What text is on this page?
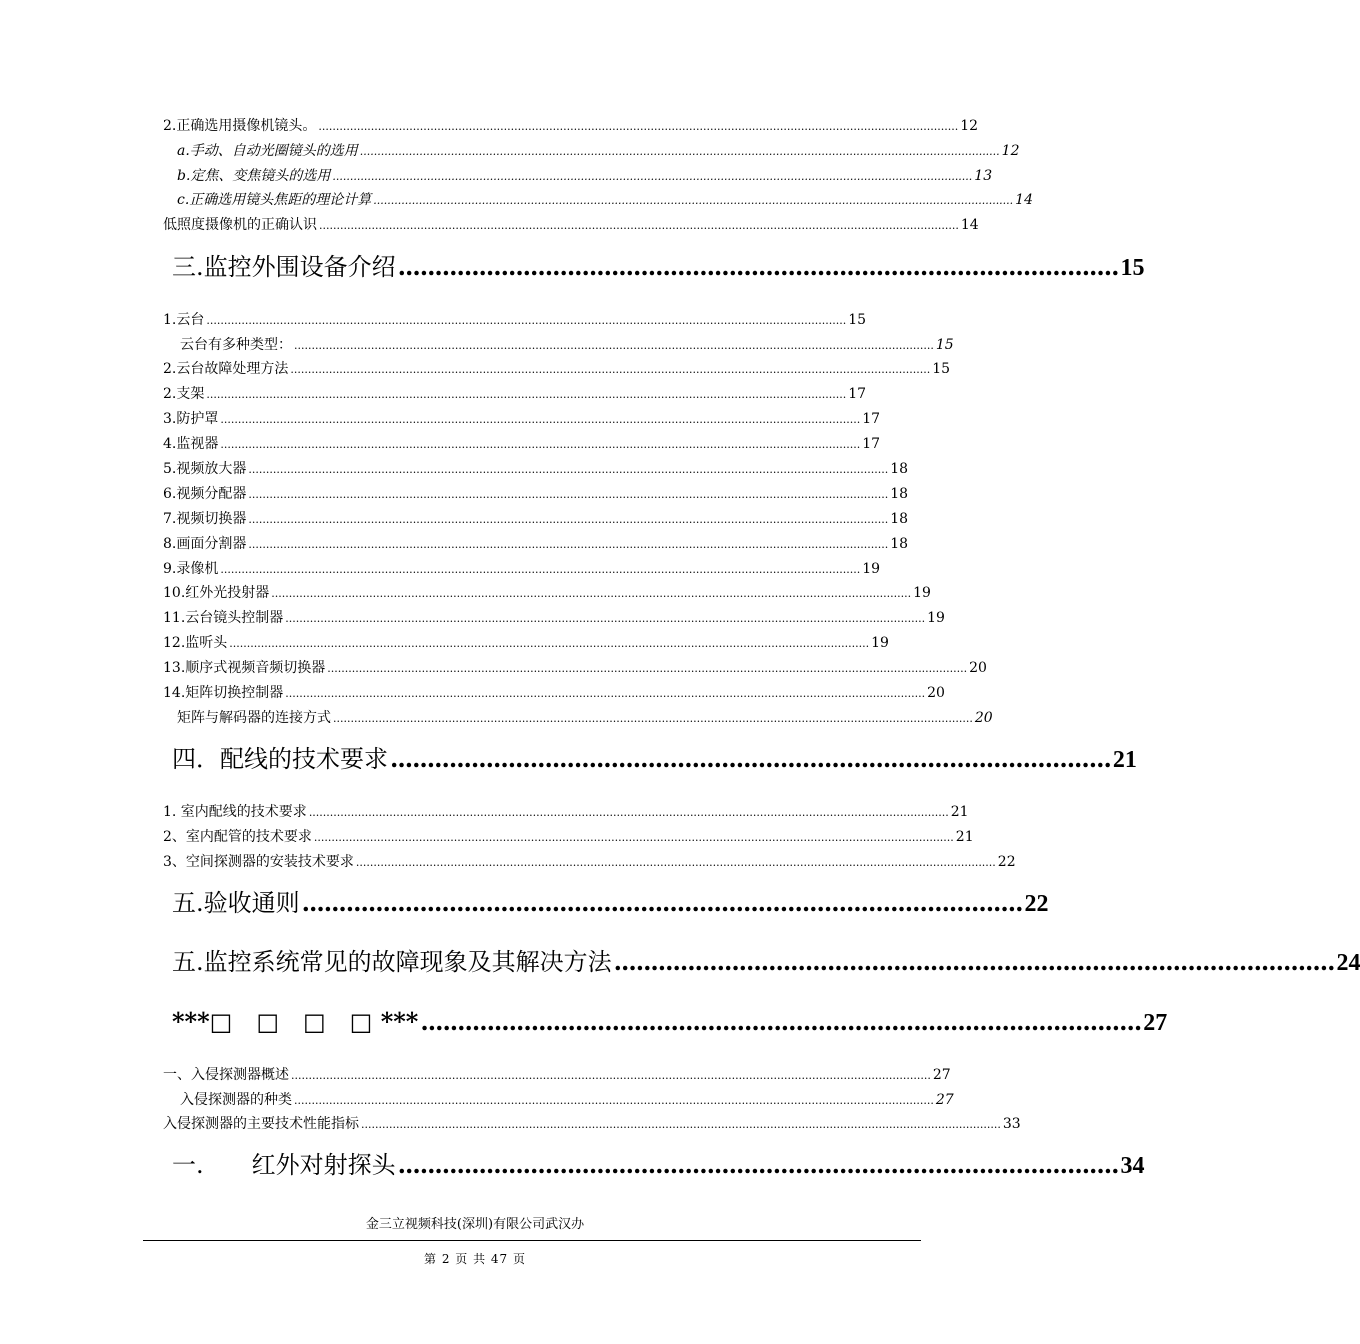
2.正确选用摄像机镜头。 ....................................................................................................................................................................................... 12
a.手动、自动光圈镜头的选用 ....................................................................................................................................................................................... 12
b.定焦、变焦镜头的选用 ....................................................................................................................................................................................... 13
c.正确选用镜头焦距的理论计算 ....................................................................................................................................................................................... 14
低照度摄像机的正确认识 ....................................................................................................................................................................................... 14
三.监控外围设备介绍 .................................................................................................. 15
1.云台 ....................................................................................................................................................................................... 15
云台有多种类型： ....................................................................................................................................................................................... 15
2.云台故障处理方法 ....................................................................................................................................................................................... 15
2.支架 ....................................................................................................................................................................................... 17
3.防护罩 ....................................................................................................................................................................................... 17
4.监视器 ....................................................................................................................................................................................... 17
5.视频放大器 ....................................................................................................................................................................................... 18
6.视频分配器 ....................................................................................................................................................................................... 18
7.视频切换器 ....................................................................................................................................................................................... 18
8.画面分割器 ....................................................................................................................................................................................... 18
9.录像机 ....................................................................................................................................................................................... 19
10.红外光投射器 ....................................................................................................................................................................................... 19
11.云台镜头控制器 ....................................................................................................................................................................................... 19
12.监听头 ....................................................................................................................................................................................... 19
13.顺序式视频音频切换器 ....................................................................................................................................................................................... 20
14.矩阵切换控制器 ....................................................................................................................................................................................... 20
矩阵与解码器的连接方式 ....................................................................................................................................................................................... 20
四．配线的技术要求 .................................................................................................. 21
1. 室内配线的技术要求 ....................................................................................................................................................................................... 21
2、室内配管的技术要求 ....................................................................................................................................................................................... 21
3、空间探测器的安装技术要求 ....................................................................................................................................................................................... 22
五.验收通则 .................................................................................................. 22
五.监控系统常见的故障现象及其解决方法 .................................................................................................. 24
***□　□　□　□ *** .................................................................................................. 27
一、入侵探测器概述 ....................................................................................................................................................................................... 27
入侵探测器的种类 ....................................................................................................................................................................................... 27
入侵探测器的主要技术性能指标 ....................................................................................................................................................................................... 33
一.　　红外对射探头 .................................................................................................. 34
金三立视频科技(深圳)有限公司武汉办
第 2 页 共 47 页
